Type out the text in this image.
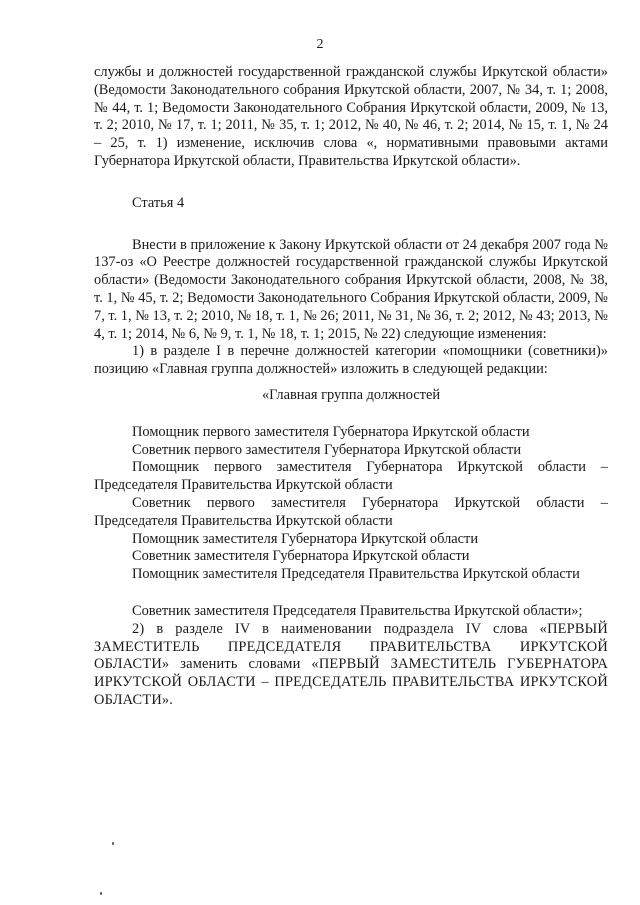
2

службы и должностей государственной гражданской службы Иркутской области» (Ведомости Законодательного собрания Иркутской области, 2007, № 34, т. 1; 2008, № 44, т. 1; Ведомости Законодательного Собрания Иркутской области, 2009, № 13, т. 2; 2010, № 17, т. 1; 2011, № 35, т. 1; 2012, № 40, № 46, т. 2; 2014, № 15, т. 1, № 24 – 25, т. 1) изменение, исключив слова «, нормативными правовыми актами Губернатора Иркутской области, Правительства Иркутской области».

Статья 4

Внести в приложение к Закону Иркутской области от 24 декабря 2007 года № 137-оз «О Реестре должностей государственной гражданской службы Иркутской области» (Ведомости Законодательного собрания Иркутской области, 2008, № 38, т. 1, № 45, т. 2; Ведомости Законодательного Собрания Иркутской области, 2009, № 7, т. 1, № 13, т. 2; 2010, № 18, т. 1, № 26; 2011, № 31, № 36, т. 2; 2012, № 43; 2013, № 4, т. 1; 2014, № 6, № 9, т. 1, № 18, т. 1; 2015, № 22) следующие изменения:

1) в разделе I в перечне должностей категории «помощники (советники)» позицию «Главная группа должностей» изложить в следующей редакции:

«Главная группа должностей

Помощник первого заместителя Губернатора Иркутской области

Советник первого заместителя Губернатора Иркутской области

Помощник первого заместителя Губернатора Иркутской области – Председателя Правительства Иркутской области

Советник первого заместителя Губернатора Иркутской области – Председателя Правительства Иркутской области

Помощник заместителя Губернатора Иркутской области

Советник заместителя Губернатора Иркутской области

Помощник заместителя Председателя Правительства Иркутской области

Советник заместителя Председателя Правительства Иркутской области»;

2) в разделе IV в наименовании подраздела IV слова «ПЕРВЫЙ ЗАМЕСТИТЕЛЬ ПРЕДСЕДАТЕЛЯ ПРАВИТЕЛЬСТВА ИРКУТСКОЙ ОБЛАСТИ» заменить словами «ПЕРВЫЙ ЗАМЕСТИТЕЛЬ ГУБЕРНАТОРА ИРКУТСКОЙ ОБЛАСТИ – ПРЕДСЕДАТЕЛЬ ПРАВИТЕЛЬСТВА ИРКУТСКОЙ ОБЛАСТИ».
